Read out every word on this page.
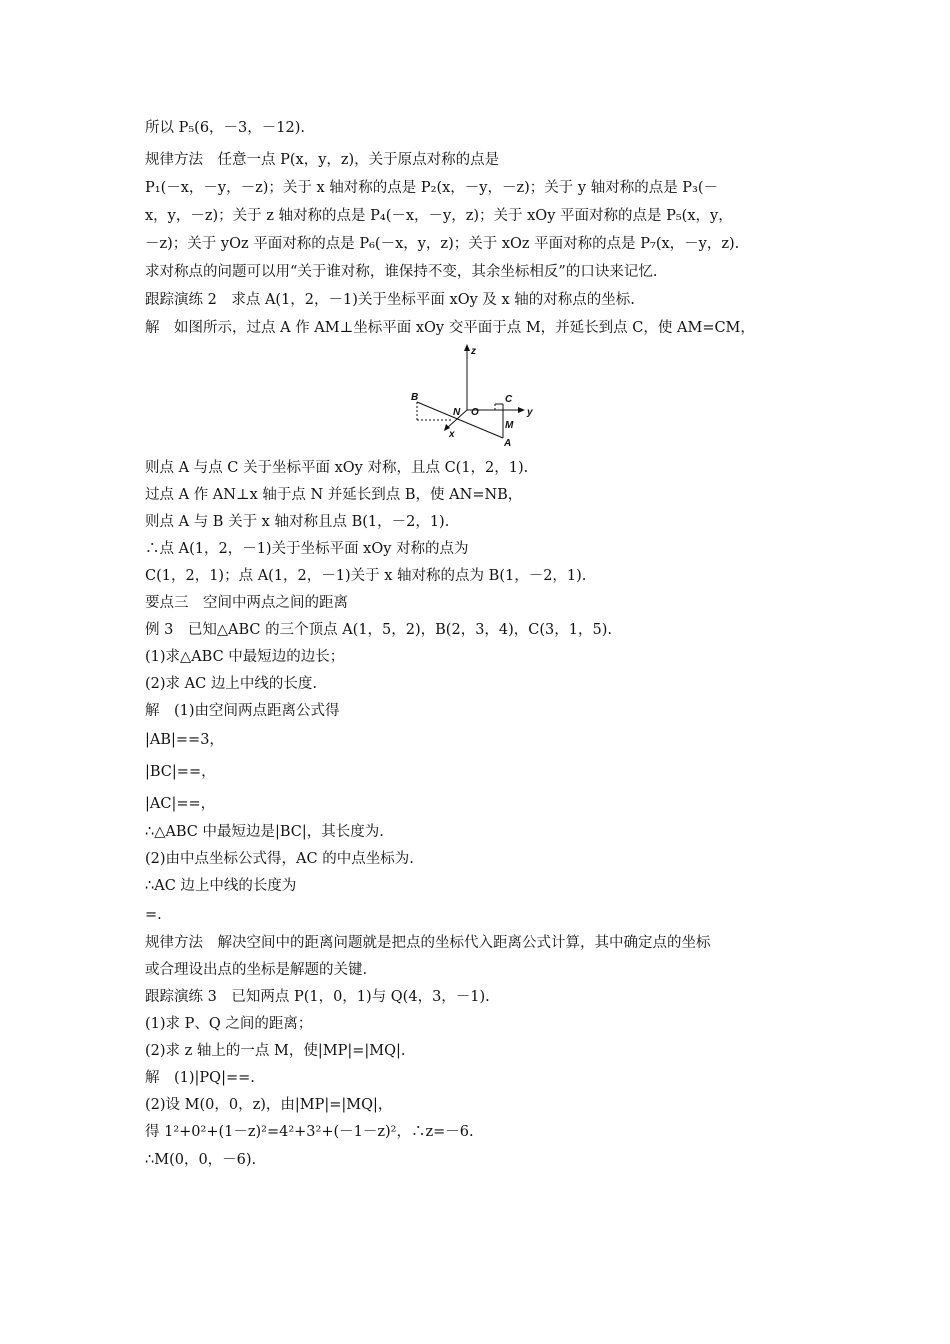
所以 P₅(6，－3，－12).
规律方法　任意一点 P(x，y，z)，关于原点对称的点是
P₁(－x，－y，－z)；关于 x 轴对称的点是 P₂(x，－y，－z)；关于 y 轴对称的点是 P₃(－
x，y，－z)；关于 z 轴对称的点是 P₄(－x，－y，z)；关于 xOy 平面对称的点是 P₅(x，y，
－z)；关于 yOz 平面对称的点是 P₆(－x，y，z)；关于 xOz 平面对称的点是 P₇(x，－y，z).
求对称点的问题可以用“关于谁对称，谁保持不变，其余坐标相反”的口诀来记忆.
跟踪演练 2　求点 A(1，2，－1)关于坐标平面 xOy 及 x 轴的对称点的坐标.
解　如图所示，过点 A 作 AM⊥坐标平面 xOy 交平面于点 M，并延长到点 C，使 AM=CM，
z
y
x
B
N O
C
M
A
则点 A 与点 C 关于坐标平面 xOy 对称，且点 C(1，2，1).
过点 A 作 AN⊥x 轴于点 N 并延长到点 B，使 AN=NB，
则点 A 与 B 关于 x 轴对称且点 B(1，－2，1).
∴点 A(1，2，－1)关于坐标平面 xOy 对称的点为
C(1，2，1)；点 A(1，2，－1)关于 x 轴对称的点为 B(1，－2，1).
要点三　空间中两点之间的距离
例 3　已知△ABC 的三个顶点 A(1，5，2)，B(2，3，4)，C(3，1，5).
(1)求△ABC 中最短边的边长；
(2)求 AC 边上中线的长度.
解　(1)由空间两点距离公式得
|AB|==3，
|BC|==，
|AC|==，
∴△ABC 中最短边是|BC|，其长度为.
(2)由中点坐标公式得，AC 的中点坐标为.
∴AC 边上中线的长度为
=.
规律方法　解决空间中的距离问题就是把点的坐标代入距离公式计算，其中确定点的坐标
或合理设出点的坐标是解题的关键.
跟踪演练 3　已知两点 P(1，0，1)与 Q(4，3，－1).
(1)求 P、Q 之间的距离；
(2)求 z 轴上的一点 M，使|MP|=|MQ|.
解　(1)|PQ|==.
(2)设 M(0，0，z)，由|MP|=|MQ|，
得 1²+0²+(1－z)²=4²+3²+(－1－z)²，∴z=－6.
∴M(0，0，－6).
